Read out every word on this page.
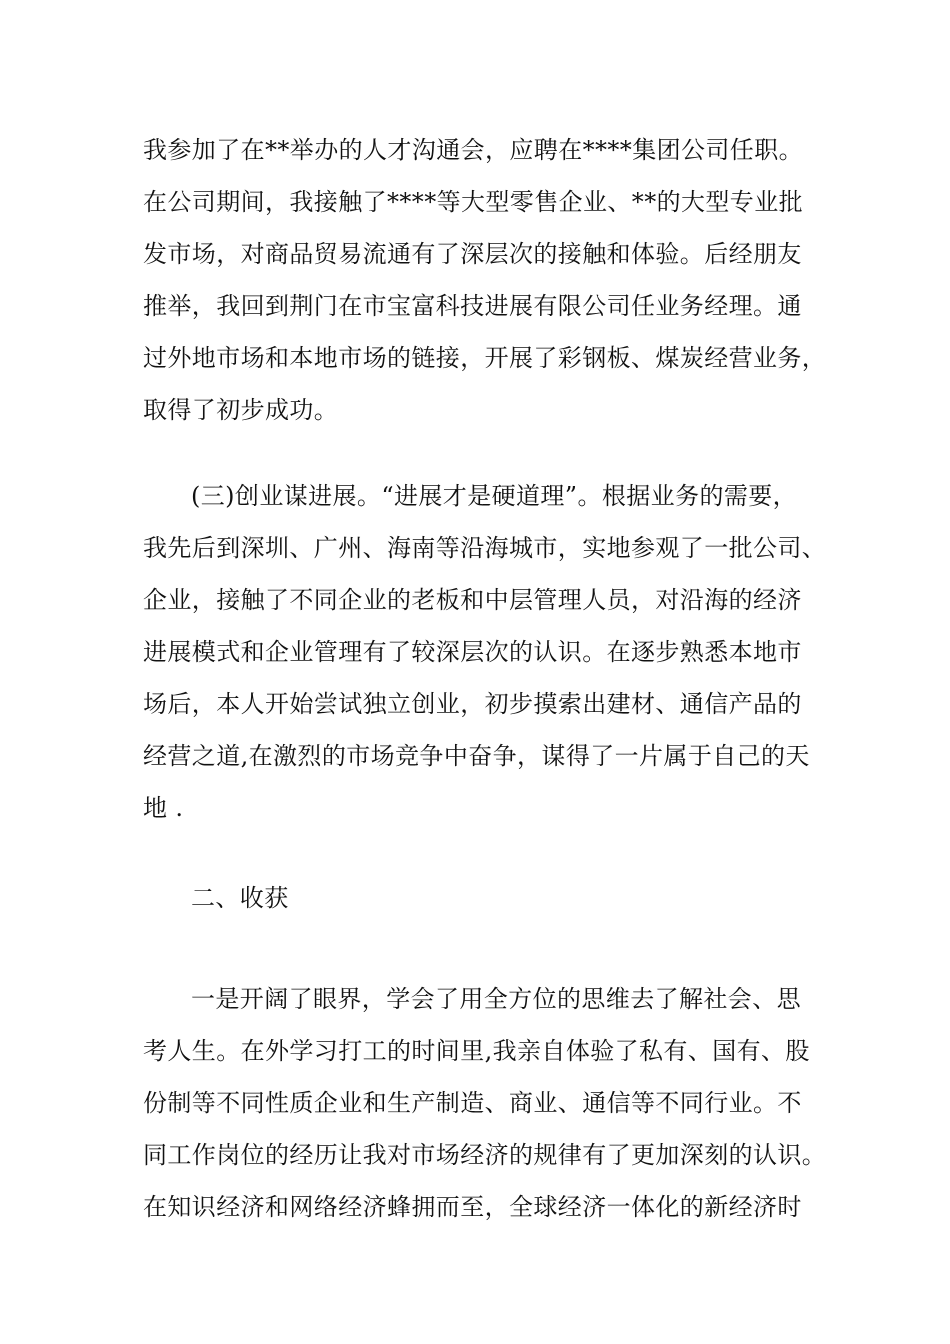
我参加了在**举办的人才沟通会，应聘在****集团公司任职。
在公司期间，我接触了****等大型零售企业、**的大型专业批
发市场，对商品贸易流通有了深层次的接触和体验。后经朋友
推举，我回到荆门在市宝富科技进展有限公司任业务经理。通
过外地市场和本地市场的链接，开展了彩钢板、煤炭经营业务，
取得了初步成功。
(三)创业谋进展。“进展才是硬道理”。根据业务的需要，
我先后到深圳、广州、海南等沿海城市，实地参观了一批公司、
企业，接触了不同企业的老板和中层管理人员，对沿海的经济
进展模式和企业管理有了较深层次的认识。在逐步熟悉本地市
场后，本人开始尝试独立创业，初步摸索出建材、通信产品的
经营之道,在激烈的市场竞争中奋争，谋得了一片属于自己的天
地 .
二、收获
一是开阔了眼界，学会了用全方位的思维去了解社会、思
考人生。在外学习打工的时间里,我亲自体验了私有、国有、股
份制等不同性质企业和生产制造、商业、通信等不同行业。不
同工作岗位的经历让我对市场经济的规律有了更加深刻的认识。
在知识经济和网络经济蜂拥而至，全球经济一体化的新经济时
